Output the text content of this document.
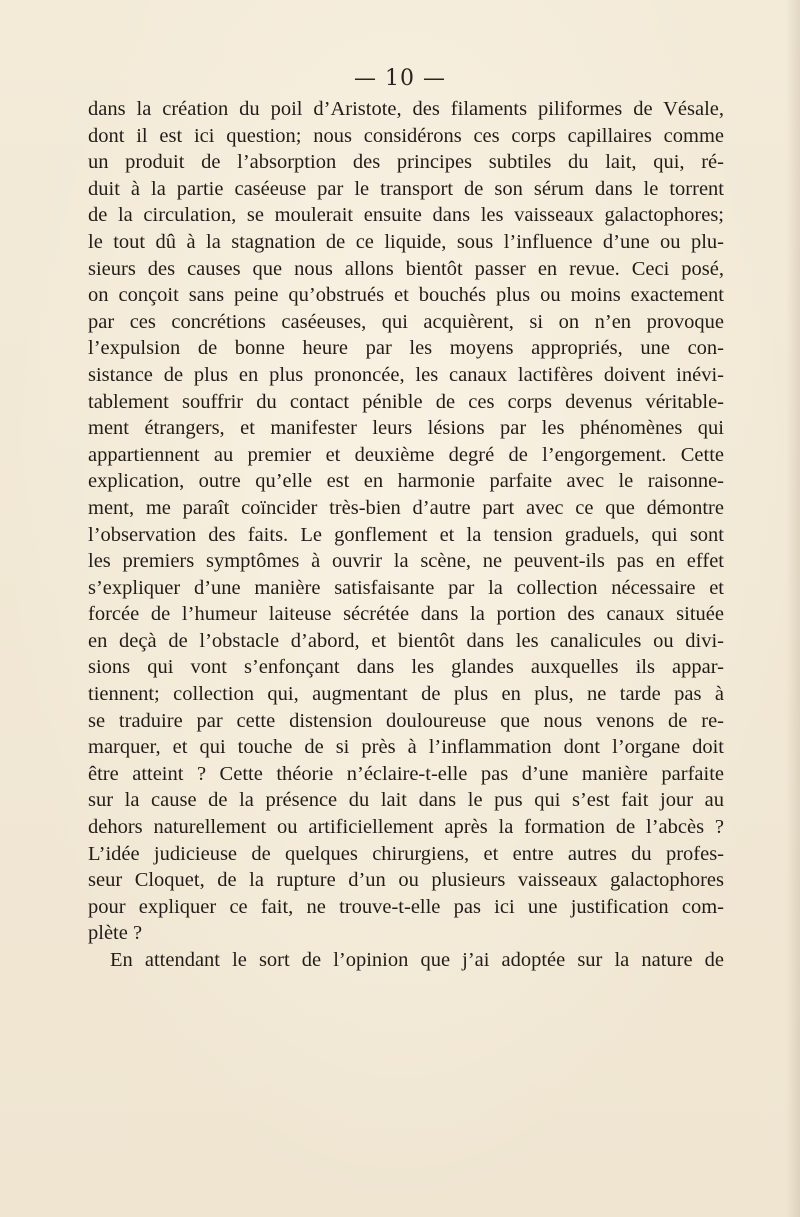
— 10 —
dans la création du poil d’Aristote, des filaments piliformes de Vésale,
dont il est ici question; nous considérons ces corps capillaires comme
un produit de l’absorption des principes subtiles du lait, qui, ré-
duit à la partie caséeuse par le transport de son sérum dans le torrent
de la circulation, se moulerait ensuite dans les vaisseaux galactophores;
le tout dû à la stagnation de ce liquide, sous l’influence d’une ou plu-
sieurs des causes que nous allons bientôt passer en revue. Ceci posé,
on conçoit sans peine qu’obstrués et bouchés plus ou moins exactement
par ces concrétions caséeuses, qui acquièrent, si on n’en provoque
l’expulsion de bonne heure par les moyens appropriés, une con-
sistance de plus en plus prononcée, les canaux lactifères doivent inévi-
tablement souffrir du contact pénible de ces corps devenus véritable-
ment étrangers, et manifester leurs lésions par les phénomènes qui
appartiennent au premier et deuxième degré de l’engorgement. Cette
explication, outre qu’elle est en harmonie parfaite avec le raisonne-
ment, me paraît coïncider très-bien d’autre part avec ce que démontre
l’observation des faits. Le gonflement et la tension graduels, qui sont
les premiers symptômes à ouvrir la scène, ne peuvent-ils pas en effet
s’expliquer d’une manière satisfaisante par la collection nécessaire et
forcée de l’humeur laiteuse sécrétée dans la portion des canaux située
en deçà de l’obstacle d’abord, et bientôt dans les canalicules ou divi-
sions qui vont s’enfonçant dans les glandes auxquelles ils appar-
tiennent; collection qui, augmentant de plus en plus, ne tarde pas à
se traduire par cette distension douloureuse que nous venons de re-
marquer, et qui touche de si près à l’inflammation dont l’organe doit
être atteint ? Cette théorie n’éclaire-t-elle pas d’une manière parfaite
sur la cause de la présence du lait dans le pus qui s’est fait jour au
dehors naturellement ou artificiellement après la formation de l’abcès ?
L’idée judicieuse de quelques chirurgiens, et entre autres du profes-
seur Cloquet, de la rupture d’un ou plusieurs vaisseaux galactophores
pour expliquer ce fait, ne trouve-t-elle pas ici une justification com-
plète ?
En attendant le sort de l’opinion que j’ai adoptée sur la nature de
